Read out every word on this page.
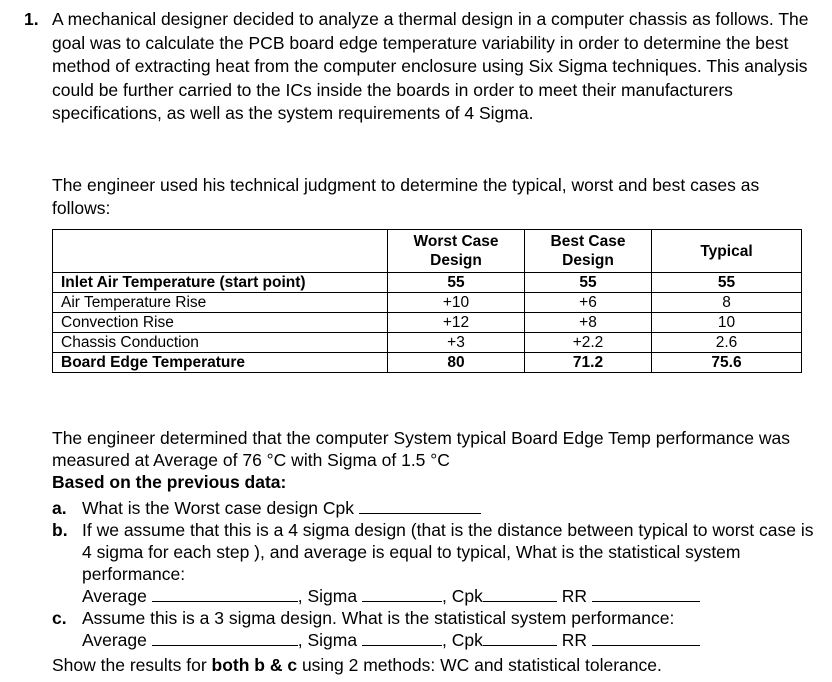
1. A mechanical designer decided to analyze a thermal design in a computer chassis as follows. The goal was to calculate the PCB board edge temperature variability in order to determine the best method of extracting heat from the computer enclosure using Six Sigma techniques. This analysis could be further carried to the ICs inside the boards in order to meet their manufacturers specifications, as well as the system requirements of 4 Sigma.
The engineer used his technical judgment to determine the typical, worst and best cases as follows:
	Worst Case Design	Best Case Design	Typical
Inlet Air Temperature (start point)	55	55	55
Air Temperature Rise	+10	+6	8
Convection Rise	+12	+8	10
Chassis Conduction	+3	+2.2	2.6
Board Edge Temperature	80	71.2	75.6
The engineer determined that the computer System typical Board Edge Temp performance was measured at Average of 76 °C with Sigma of 1.5 °C
Based on the previous data:
a. What is the Worst case design Cpk
b. If we assume that this is a 4 sigma design (that is the distance between typical to worst case is 4 sigma for each step ), and average is equal to typical, What is the statistical system performance:
Average	, Sigma	, Cpk	RR
c. Assume this is a 3 sigma design. What is the statistical system performance:
Average	, Sigma	, Cpk	RR
Show the results for both b & c using 2 methods: WC and statistical tolerance.
